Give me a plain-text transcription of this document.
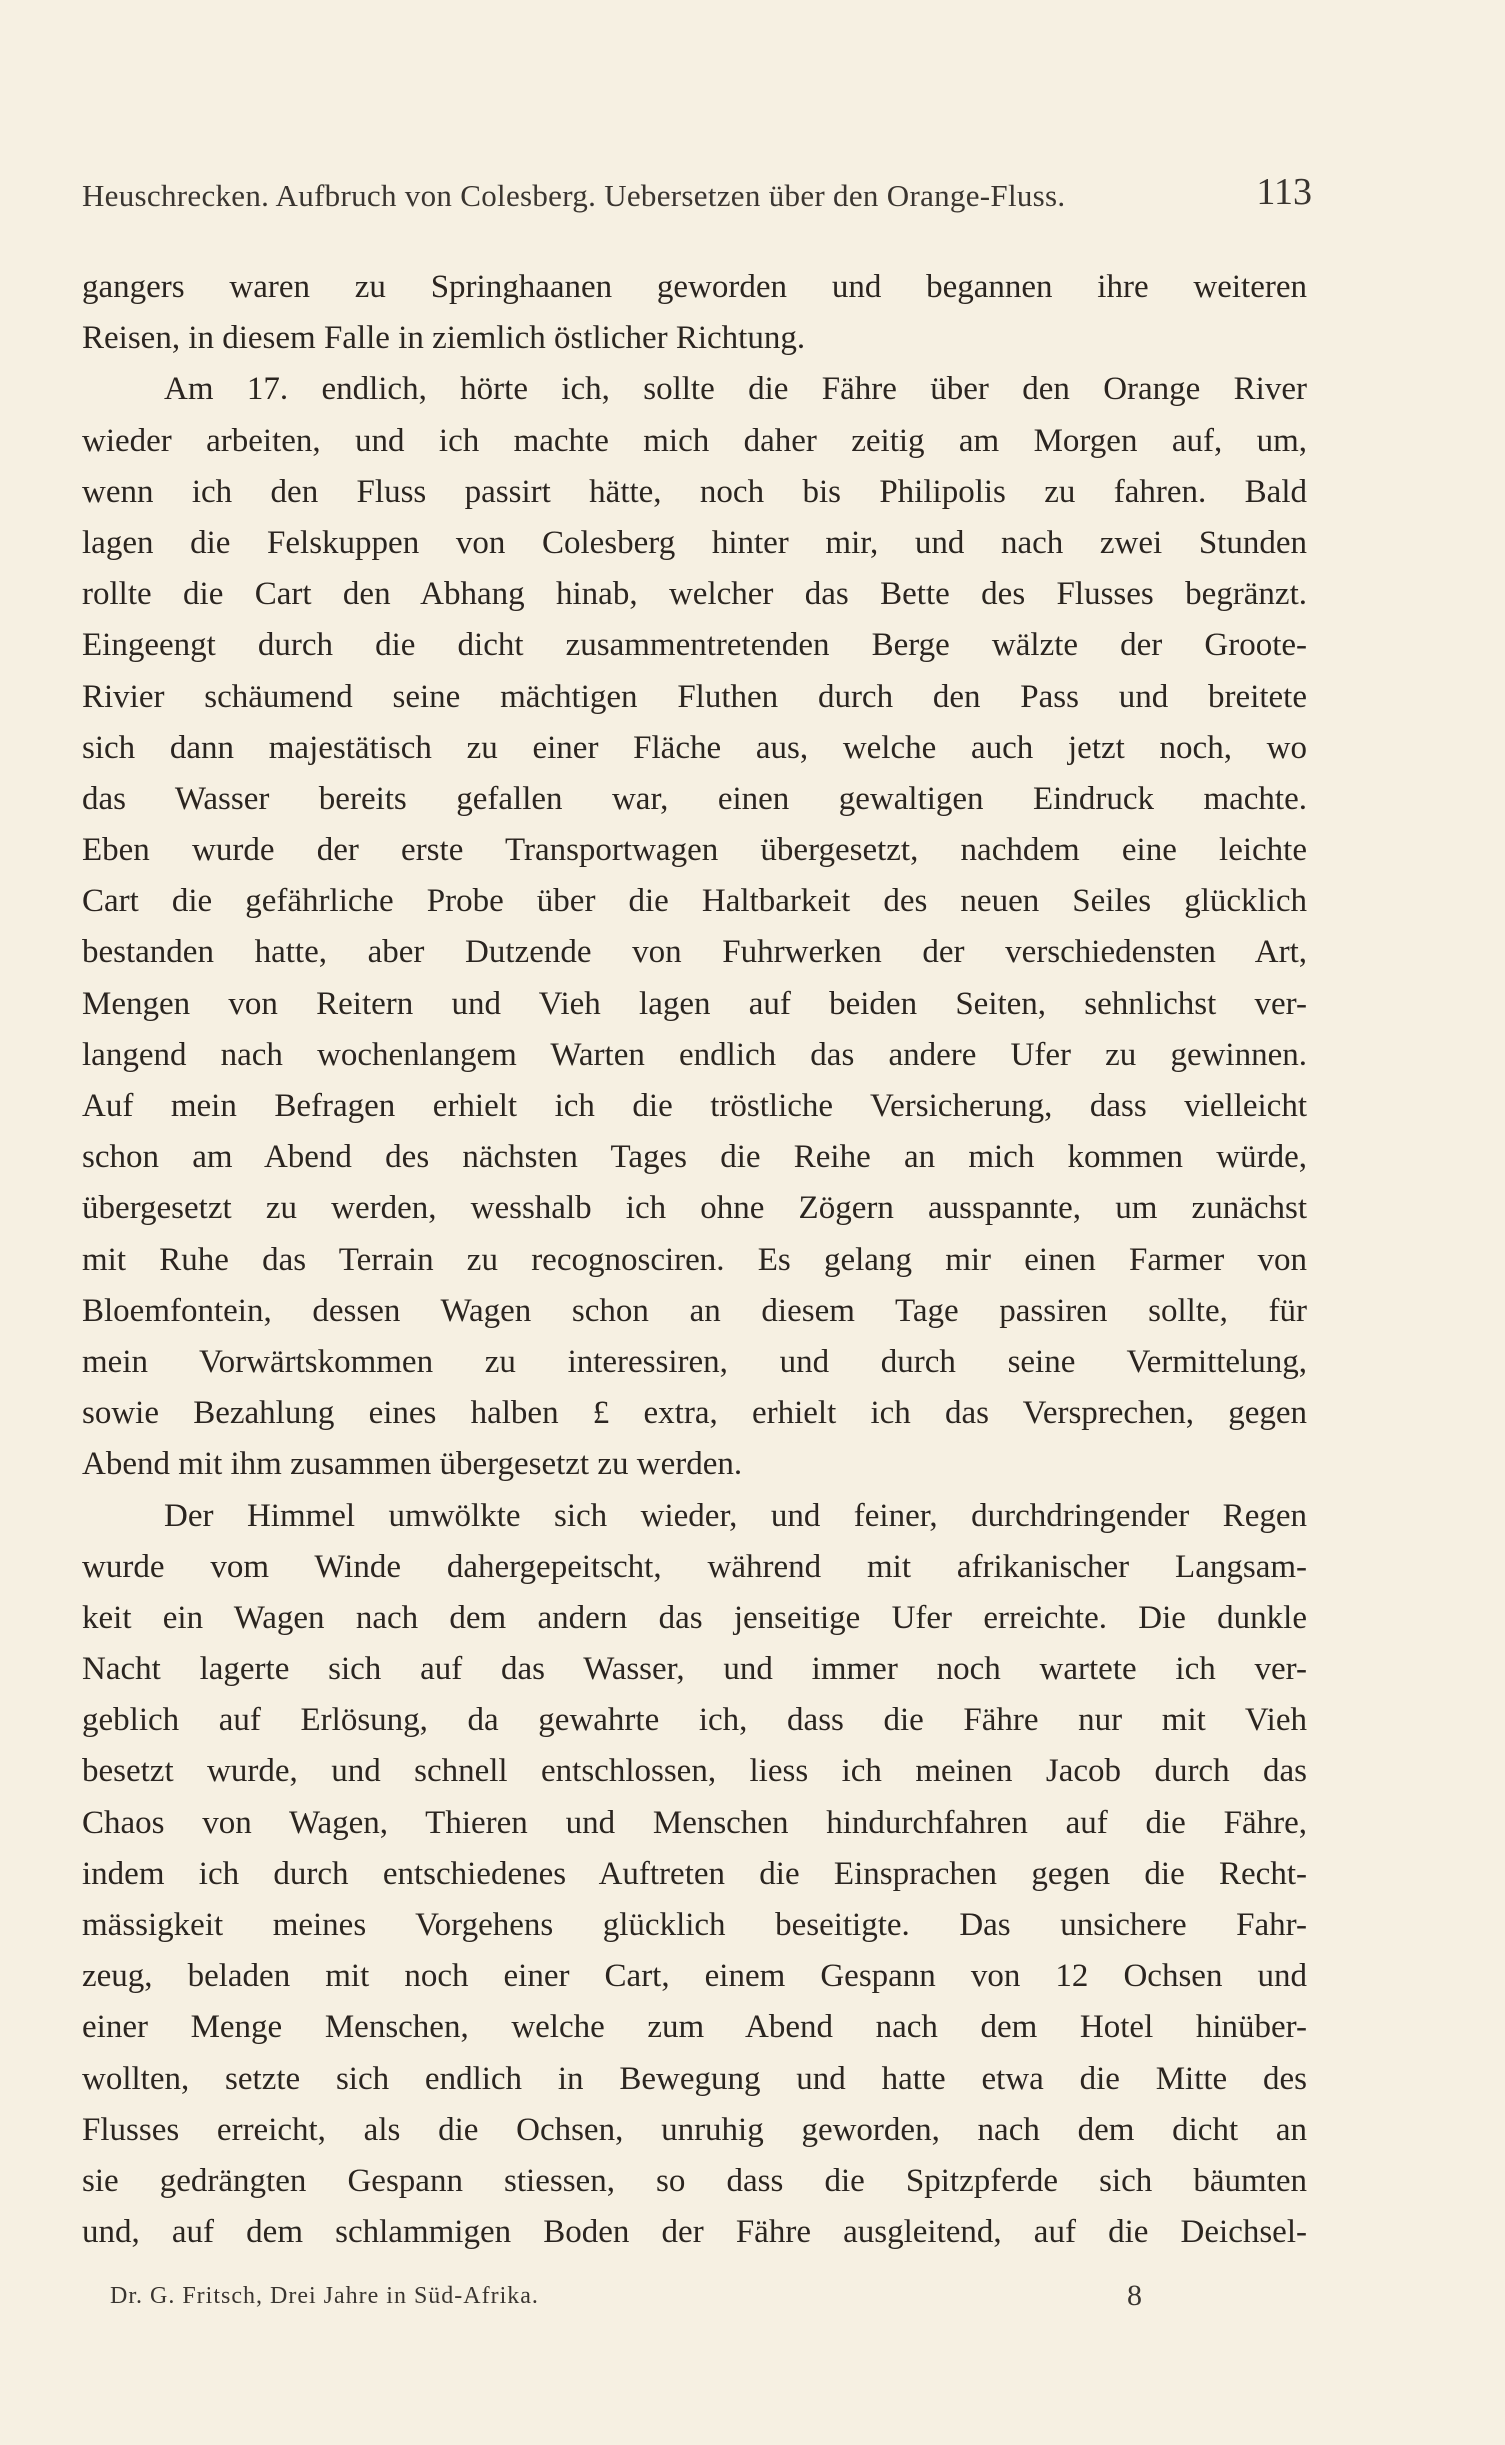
Heuschrecken. Aufbruch von Colesberg. Uebersetzen über den Orange-Fluss.	113
gangers waren zu Springhaanen geworden und begannen ihre weiteren
Reisen, in diesem Falle in ziemlich östlicher Richtung.
Am 17. endlich, hörte ich, sollte die Fähre über den Orange River
wieder arbeiten, und ich machte mich daher zeitig am Morgen auf, um,
wenn ich den Fluss passirt hätte, noch bis Philipolis zu fahren. Bald
lagen die Felskuppen von Colesberg hinter mir, und nach zwei Stunden
rollte die Cart den Abhang hinab, welcher das Bette des Flusses begränzt.
Eingeengt durch die dicht zusammentretenden Berge wälzte der Groote-
Rivier schäumend seine mächtigen Fluthen durch den Pass und breitete
sich dann majestätisch zu einer Fläche aus, welche auch jetzt noch, wo
das Wasser bereits gefallen war, einen gewaltigen Eindruck machte.
Eben wurde der erste Transportwagen übergesetzt, nachdem eine leichte
Cart die gefährliche Probe über die Haltbarkeit des neuen Seiles glücklich
bestanden hatte, aber Dutzende von Fuhrwerken der verschiedensten Art,
Mengen von Reitern und Vieh lagen auf beiden Seiten, sehnlichst ver-
langend nach wochenlangem Warten endlich das andere Ufer zu gewinnen.
Auf mein Befragen erhielt ich die tröstliche Versicherung, dass vielleicht
schon am Abend des nächsten Tages die Reihe an mich kommen würde,
übergesetzt zu werden, wesshalb ich ohne Zögern ausspannte, um zunächst
mit Ruhe das Terrain zu recognosciren. Es gelang mir einen Farmer von
Bloemfontein, dessen Wagen schon an diesem Tage passiren sollte, für
mein Vorwärtskommen zu interessiren, und durch seine Vermittelung,
sowie Bezahlung eines halben £ extra, erhielt ich das Versprechen, gegen
Abend mit ihm zusammen übergesetzt zu werden.
Der Himmel umwölkte sich wieder, und feiner, durchdringender Regen
wurde vom Winde dahergepeitscht, während mit afrikanischer Langsam-
keit ein Wagen nach dem andern das jenseitige Ufer erreichte. Die dunkle
Nacht lagerte sich auf das Wasser, und immer noch wartete ich ver-
geblich auf Erlösung, da gewahrte ich, dass die Fähre nur mit Vieh
besetzt wurde, und schnell entschlossen, liess ich meinen Jacob durch das
Chaos von Wagen, Thieren und Menschen hindurchfahren auf die Fähre,
indem ich durch entschiedenes Auftreten die Einsprachen gegen die Recht-
mässigkeit meines Vorgehens glücklich beseitigte. Das unsichere Fahr-
zeug, beladen mit noch einer Cart, einem Gespann von 12 Ochsen und
einer Menge Menschen, welche zum Abend nach dem Hotel hinüber-
wollten, setzte sich endlich in Bewegung und hatte etwa die Mitte des
Flusses erreicht, als die Ochsen, unruhig geworden, nach dem dicht an
sie gedrängten Gespann stiessen, so dass die Spitzpferde sich bäumten
und, auf dem schlammigen Boden der Fähre ausgleitend, auf die Deichsel-
Dr. G. Fritsch, Drei Jahre in Süd-Afrika.	8
